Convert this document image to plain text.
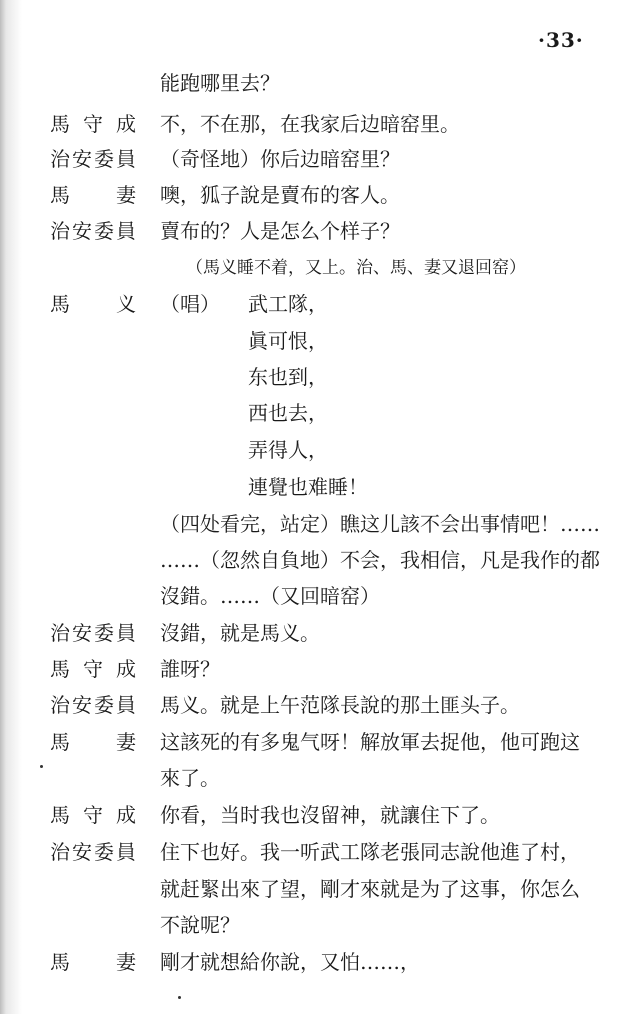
·33·
能跑哪里去？
馬守成 不，不在那，在我家后边暗窑里。
治安委員 （奇怪地）你后边暗窑里？
馬妻 噢，狐子說是賣布的客人。
治安委員 賣布的？人是怎么个样子？
（馬义睡不着，又上。治、馬、妻又退回窑）
馬义 （唱） 武工隊，
眞可恨，
东也到，
西也去，
弄得人，
連覺也难睡！
（四处看完，站定）瞧这儿該不会出事情吧！……
……（忽然自負地）不会，我相信，凡是我作的都
沒錯。……（又回暗窑）
治安委員 沒錯，就是馬义。
馬守成 誰呀？
治安委員 馬义。就是上午范隊長說的那土匪头子。
馬妻 这該死的有多鬼气呀！解放軍去捉他，他可跑这
來了。
馬守成 你看，当时我也沒留神，就讓住下了。
治安委員 住下也好。我一听武工隊老張同志說他進了村，
就赶緊出來了望，剛才來就是为了这事，你怎么
不說呢？
馬妻 剛才就想給你說，又怕……，
